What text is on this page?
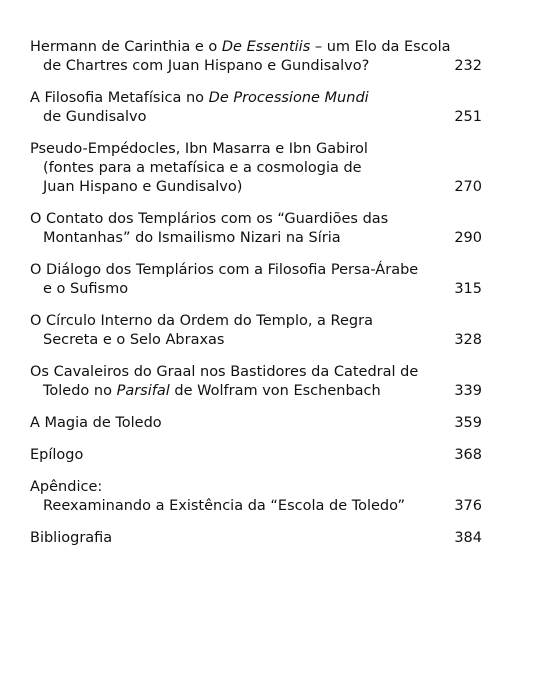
Hermann de Carinthia e o De Essentiis – um Elo da Escola
de Chartres com Juan Hispano e Gundisalvo?	232
A Filosofia Metafísica no De Processione Mundi
de Gundisalvo	251
Pseudo-Empédocles, Ibn Masarra e Ibn Gabirol
(fontes para a metafísica e a cosmologia de
Juan Hispano e Gundisalvo)	270
O Contato dos Templários com os “Guardiões das
Montanhas” do Ismailismo Nizari na Síria	290
O Diálogo dos Templários com a Filosofia Persa-Árabe
e o Sufismo	315
O Círculo Interno da Ordem do Templo, a Regra
Secreta e o Selo Abraxas	328
Os Cavaleiros do Graal nos Bastidores da Catedral de
Toledo no Parsifal de Wolfram von Eschenbach	339
A Magia de Toledo	359
Epílogo	368
Apêndice:
Reexaminando a Existência da “Escola de Toledo”	376
Bibliografia	384
